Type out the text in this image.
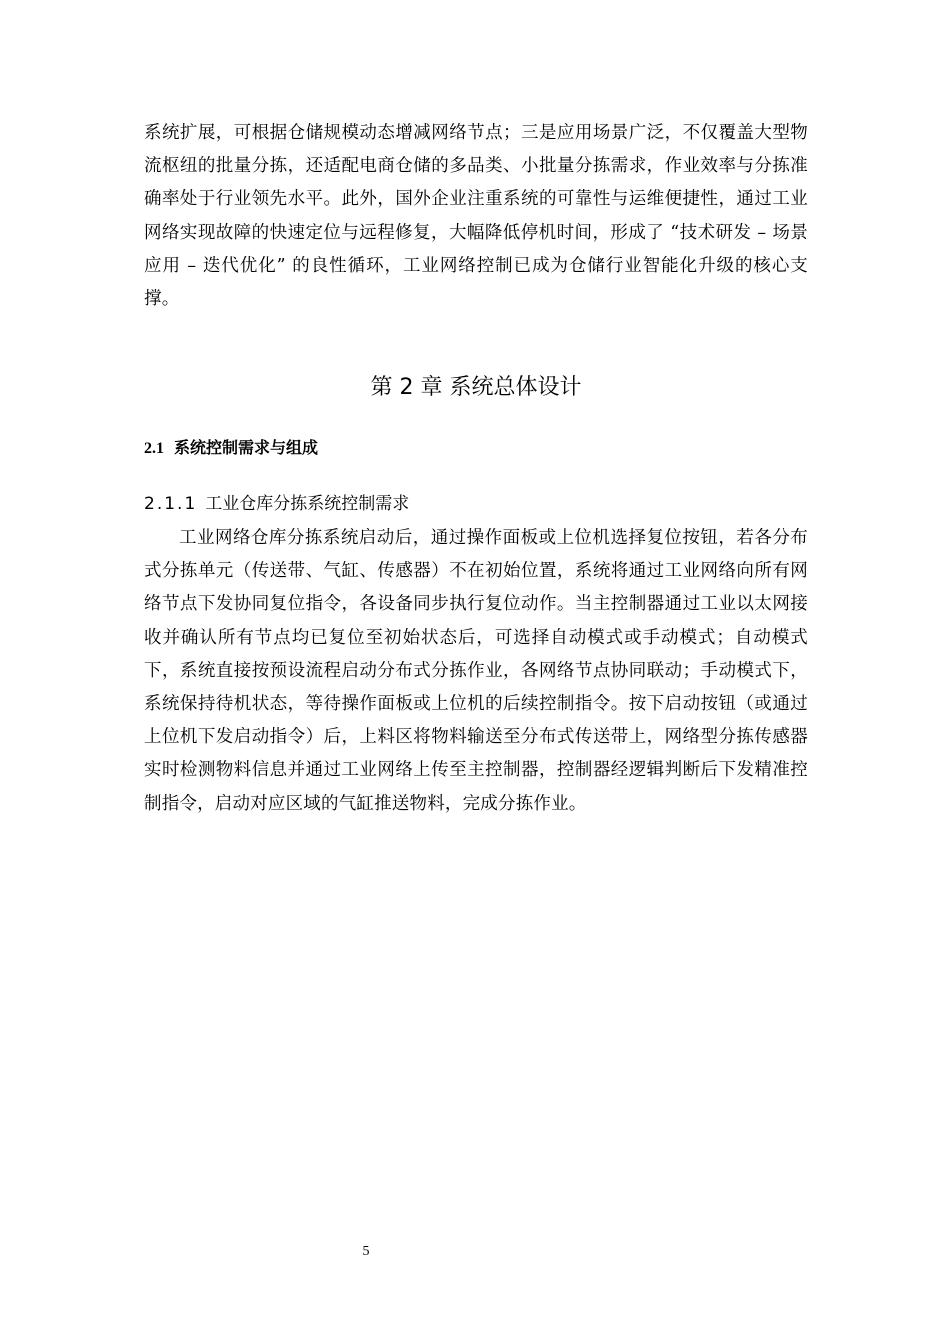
系统扩展，可根据仓储规模动态增减网络节点；三是应用场景广泛，不仅覆盖大型物流枢纽的批量分拣，还适配电商仓储的多品类、小批量分拣需求，作业效率与分拣准确率处于行业领先水平。此外，国外企业注重系统的可靠性与运维便捷性，通过工业网络实现故障的快速定位与远程修复，大幅降低停机时间，形成了 “技术研发 – 场景应用 – 迭代优化” 的良性循环，工业网络控制已成为仓储行业智能化升级的核心支撑。

第 2 章 系统总体设计
2.1 系统控制需求与组成
2.1.1 工业仓库分拣系统控制需求

工业网络仓库分拣系统启动后，通过操作面板或上位机选择复位按钮，若各分布式分拣单元（传送带、气缸、传感器）不在初始位置，系统将通过工业网络向所有网络节点下发协同复位指令，各设备同步执行复位动作。当主控制器通过工业以太网接收并确认所有节点均已复位至初始状态后，可选择自动模式或手动模式；自动模式下，系统直接按预设流程启动分布式分拣作业，各网络节点协同联动；手动模式下，系统保持待机状态，等待操作面板或上位机的后续控制指令。按下启动按钮（或通过上位机下发启动指令）后，上料区将物料输送至分布式传送带上，网络型分拣传感器实时检测物料信息并通过工业网络上传至主控制器，控制器经逻辑判断后下发精准控制指令，启动对应区域的气缸推送物料，完成分拣作业。

5
